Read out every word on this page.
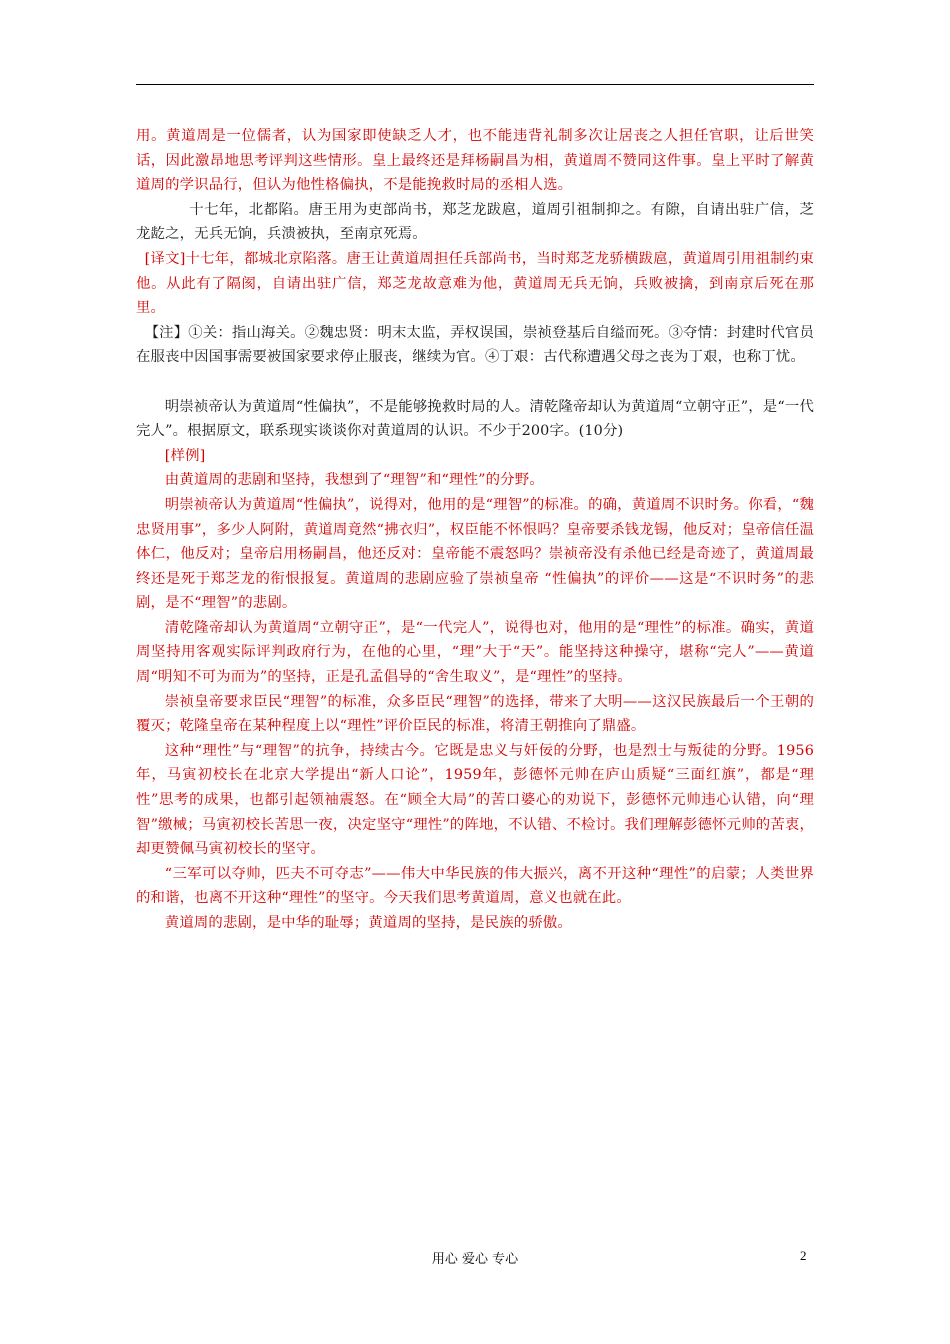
用。黄道周是一位儒者，认为国家即使缺乏人才，也不能违背礼制多次让居丧之人担任官职，让后世笑话，因此激昂地思考评判这些情形。皇上最终还是拜杨嗣昌为相，黄道周不赞同这件事。皇上平时了解黄道周的学识品行，但认为他性格偏执，不是能挽救时局的丞相人选。

十七年，北都陷。唐王用为吏部尚书，郑芝龙跋扈，道周引祖制抑之。有隙，自请出驻广信，芝龙龁之，无兵无饷，兵溃被执，至南京死焉。

[译文]十七年，都城北京陷落。唐王让黄道周担任兵部尚书，当时郑芝龙骄横跋扈，黄道周引用祖制约束他。从此有了隔阂，自请出驻广信，郑芝龙故意难为他，黄道周无兵无饷，兵败被擒，到南京后死在那里。

【注】①关：指山海关。②魏忠贤：明末太监，弄权误国，崇祯登基后自缢而死。③夺情：封建时代官员在服丧中因国事需要被国家要求停止服丧，继续为官。④丁艰：古代称遭遇父母之丧为丁艰，也称丁忧。

明崇祯帝认为黄道周“性偏执”，不是能够挽救时局的人。清乾隆帝却认为黄道周“立朝守正”，是“一代完人”。根据原文，联系现实谈谈你对黄道周的认识。不少于200字。(10分)

[样例]

由黄道周的悲剧和坚持，我想到了“理智”和“理性”的分野。

明崇祯帝认为黄道周“性偏执”，说得对，他用的是“理智”的标准。的确，黄道周不识时务。你看，“魏忠贤用事”，多少人阿附，黄道周竟然“拂衣归”，权臣能不怀恨吗？皇帝要杀钱龙锡，他反对；皇帝信任温体仁，他反对；皇帝启用杨嗣昌，他还反对：皇帝能不震怒吗？崇祯帝没有杀他已经是奇迹了，黄道周最终还是死于郑芝龙的衔恨报复。黄道周的悲剧应验了崇祯皇帝 “性偏执”的评价——这是“不识时务”的悲剧，是不“理智”的悲剧。

清乾隆帝却认为黄道周“立朝守正”，是“一代完人”，说得也对，他用的是“理性”的标准。确实，黄道周坚持用客观实际评判政府行为，在他的心里，“理”大于“天”。能坚持这种操守，堪称“完人”——黄道周“明知不可为而为”的坚持，正是孔孟倡导的“舍生取义”，是“理性”的坚持。

崇祯皇帝要求臣民“理智”的标准，众多臣民“理智”的选择，带来了大明——这汉民族最后一个王朝的覆灭；乾隆皇帝在某种程度上以“理性”评价臣民的标准，将清王朝推向了鼎盛。

这种“理性”与“理智”的抗争，持续古今。它既是忠义与奸佞的分野，也是烈士与叛徒的分野。1956年，马寅初校长在北京大学提出“新人口论”，1959年，彭德怀元帅在庐山质疑“三面红旗”，都是“理性”思考的成果，也都引起领袖震怒。在“顾全大局”的苦口婆心的劝说下，彭德怀元帅违心认错，向“理智”缴械；马寅初校长苦思一夜，决定坚守“理性”的阵地，不认错、不检讨。我们理解彭德怀元帅的苦衷，却更赞佩马寅初校长的坚守。

“三军可以夺帅，匹夫不可夺志”——伟大中华民族的伟大振兴，离不开这种“理性”的启蒙；人类世界的和谐，也离不开这种“理性”的坚守。今天我们思考黄道周，意义也就在此。

黄道周的悲剧，是中华的耻辱；黄道周的坚持，是民族的骄傲。

用心 爱心 专心	2
